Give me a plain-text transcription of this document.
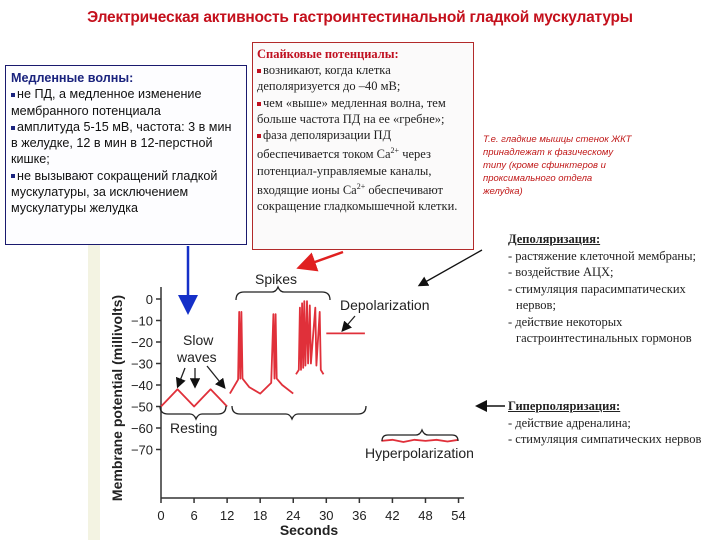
Электрическая активность гастроинтестинальной гладкой мускулатуры
Медленные волны:
не ПД, а медленное изменение мембранного потенциала
амплитуда 5-15 мВ, частота: 3 в мин в желудке, 12 в мин в 12-перстной кишке;
не вызывают сокращений гладкой мускулатуры, за исключением мускулатуры желудка
Спайковые потенциалы:
возникают, когда клетка деполяризуется до –40 мВ;
чем «выше» медленная волна, тем больше частота ПД на ее «гребне»;
фаза деполяризации ПД обеспечивается током $Ca^{2+}$ через потенциал-управляемые каналы, входящие ионы $Ca^{2+}$ обеспечивают сокращение гладкомышечной клетки.
Т.е. гладкие мышцы стенок ЖКТ принадлежат к фазическому типу (кроме сфинктеров и проксимального отдела желудка)
Деполяризация:
- растяжение клеточной мембраны;
- воздействие АЦХ;
- стимуляция парасимпатических нервов;
- действие некоторых гастроинтестинальных гормонов
Гиперполяризация:
- действие адреналина;
- стимуляция симпатических нервов
0
−10
−20
−30
−40
−50
−60
−70
0 6 12 18 24 30 36 42 48 54
Spikes
Slow
waves
Resting
Depolarization
Hyperpolarization
Seconds
Membrane potential (millivolts)
